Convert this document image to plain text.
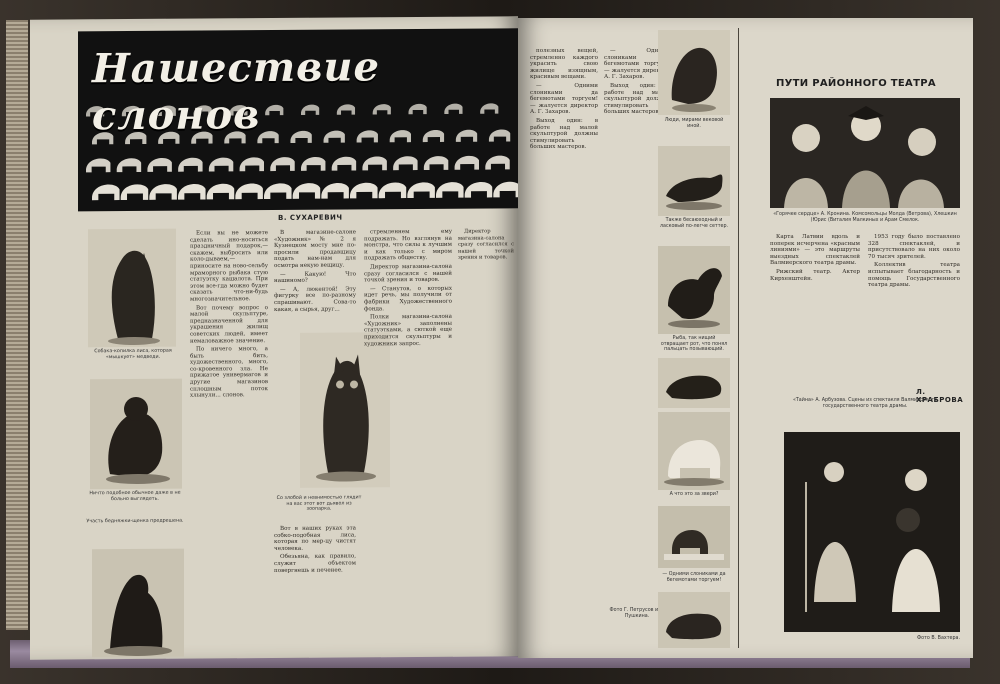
Нашествие слонов
В. СУХАРЕВИЧ
Собака-копилка лиса, которая «мышкует» медведи.
Ничто подобное обычное даже в не больно выглядеть.
Участь бедняжки-щенка предрешена.

Если вы не можете сделать ино-носиться праздничный подарок,— скажем, выбросить или коло-дываем,— приносите на ново-сельбу мраморного рыбака стую статуэтку кашалота. При этом все-гда можно будет сказать что-ни-будь многозначительное.

Вот почему вопрос о малой скульптуре, предназначенной для украшения жилищ советских людей, имеет немаловажное значение.

По ничего много, а быть бить, художественного, много, со-кровенного зла. Не прижатое универмагов и другие магазинов сплошным поток хлынули... слонов.

В магазине-салоне «Художник» № 2 я Кузнецком мосту мне по-просили продавщицу подать нам-нам для осмотра некую вещицу.

— Какую! Что нашиномо?

— А, люкентой! Эту фигурку все по-разному спрашивают. Сова-то какая, а сырья, друг...

Со злобой и невнимостью глядит на вас этот вот дьявол из зоопарка.

Вот в наших руках эта собко-подобная лиса, которая по мер-цу чистят человека.

Обезьяна, как правило, служит объектом повергнешь и печенее.

стремленнем ему подражать. Но взглянув на монстра, что силы к лучшим и как только с миром подражать обществу.

Директор магазина-салона сразу согласился с нашей точкой зрения и товаров.

— Станутов, о которых идет речь, мы получили от фабрики Художественного фонда.

Полки магазина-салона «Художник» заполнены статуэтками, а сюткой еще приходится скульптуры и художники запрос.

Директор магазина-салона сразу согласился с нашей точкой зрения и товаров.

полезных вещей, стремленно каждого украсить свою жилище изящным, красивым вещами.

— Одними слониками да бегемотами торгуем! — жалуется директор А. Г. Захаров.

Выход один: в работе над малой скульптурой должны стимулировать больших мастеров.

— Одними слониками да бегемотами торгуем! — жалуется директор А. Г. Захаров.

Выход один: в работе над малой скульптурой должны стимулировать больших мастеров.

Фото Г. Петрусов и Б. Пушкина.
Люди, мирами вековой иной.
Также бесаюходный и ласковый по-легче сеттер.
Рыба, так нищий отвращает рот, что понял пальцать позывающий.
А что это за звери?
— Одними слониками да бегемотами торгуем!
ПУТИ РАЙОННОГО ТЕАТРА
«Горячее сердце» А. Кронинa. Комсомольцы Молда (Ветрова), Хлешкин (Юрис (Виталия Малкиных и Арам Смелок.

Карта Латвии вдоль и поперек исчерчена «красным линиями» — это маршруты выездных спектаклей Валмиерского театра драмы.

Рижский театр. Актер Кирхенштейн.

1953 году было поставлено 328 спектаклей, и присутствовало на них около 70 тысяч зрителей.

Коллектив театра испытывает благодарность и помощь Государственного театра драмы.

Л. ХРАБРОВА
«Тайна» А. Арбузова. Сцены из спектакля Валмиерского государственного театра драмы.
Фото В. Вахтера.
